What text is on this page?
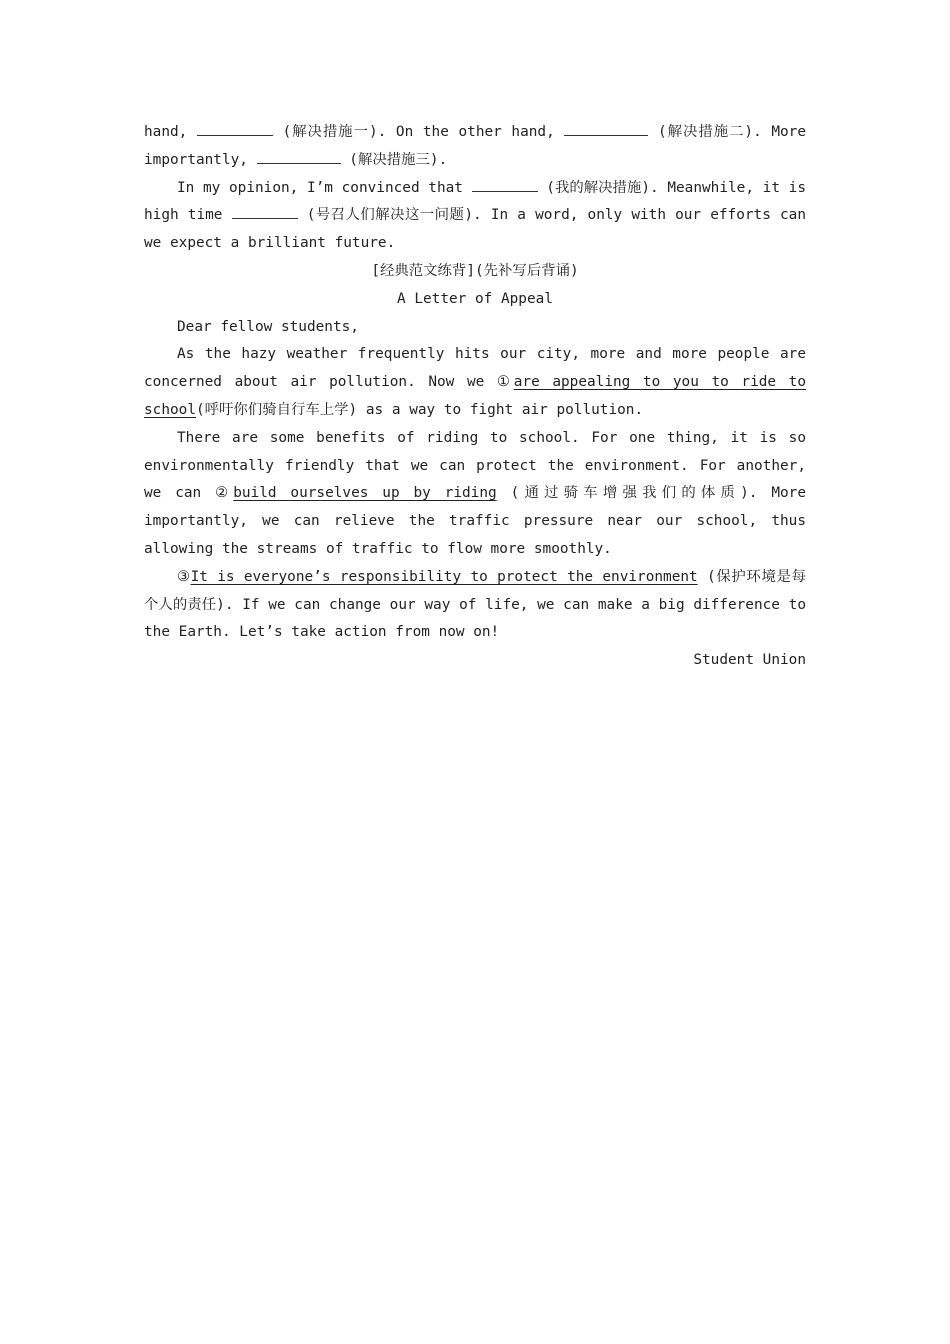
hand,	(解决措施一). On the other hand,	(解决措施二). More importantly,	(解决措施三).

In my opinion, I’m convinced that	(我的解决措施). Meanwhile, it is high time	(号召人们解决这一问题). In a word, only with our efforts can we expect a brilliant future.

[经典范文练背](先补写后背诵)

A Letter of Appeal

Dear fellow students,

As the hazy weather frequently hits our city, more and more people are concerned about air pollution. Now we ①are appealing to you to ride to school(呼吁你们骑自行车上学) as a way to fight air pollution.

There are some benefits of riding to school. For one thing, it is so environmentally friendly that we can protect the environment. For another, we can ②build ourselves up by riding (通过骑车增强我们的体质). More importantly, we can relieve the traffic pressure near our school, thus allowing the streams of traffic to flow more smoothly.

③It is everyone’s responsibility to protect the environment (保护环境是每个人的责任). If we can change our way of life, we can make a big difference to the Earth. Let’s take action from now on!

Student Union
